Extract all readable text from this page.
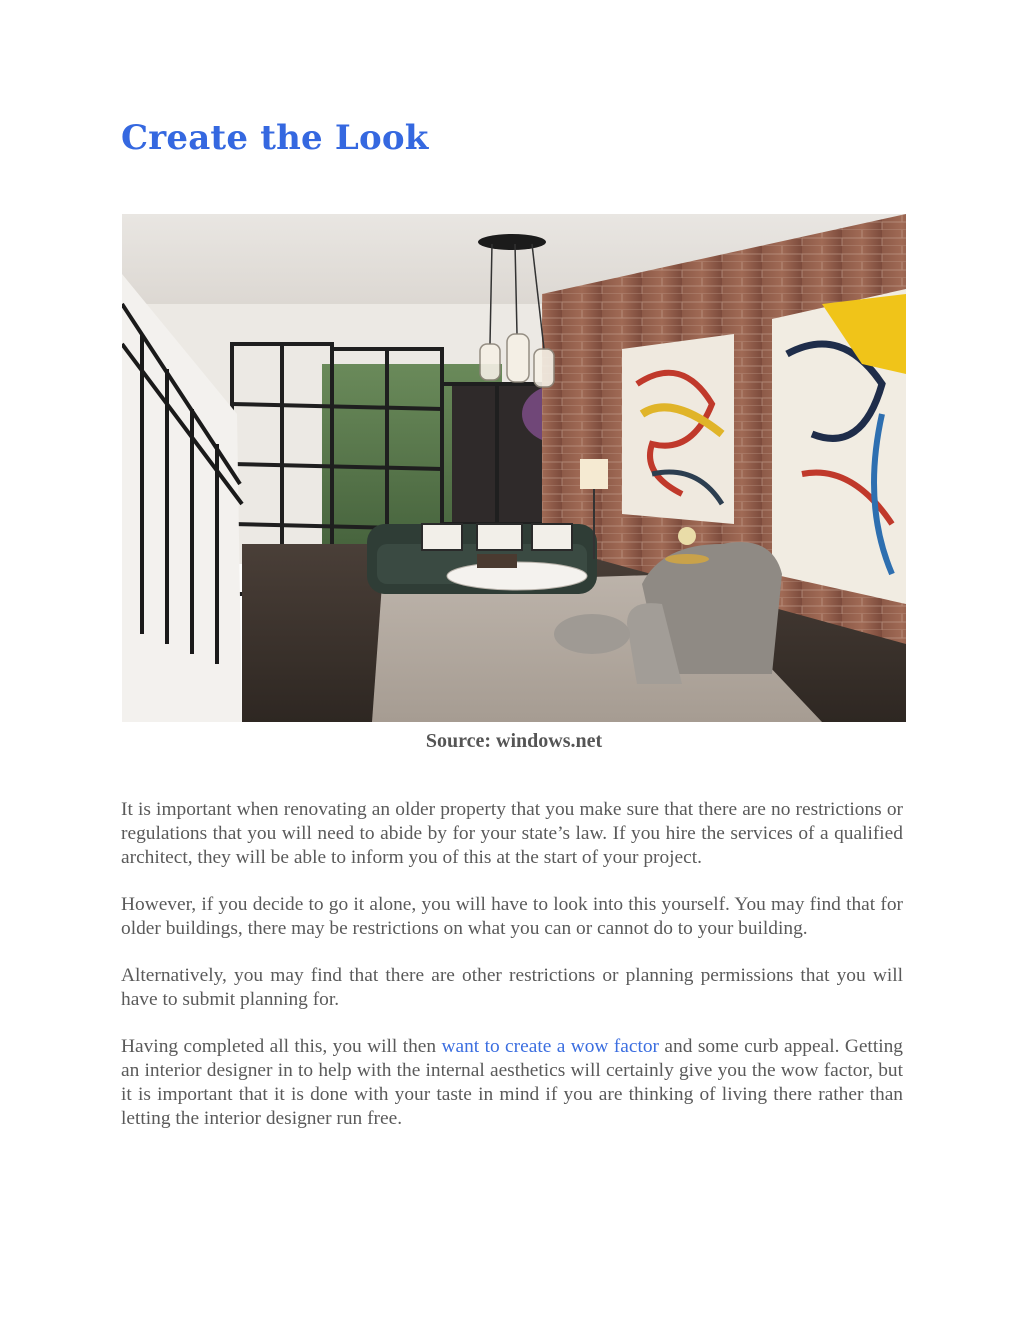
Create the Look
Source: windows.net

It is important when renovating an older property that you make sure that there are no restrictions or regulations that you will need to abide by for your state’s law. If you hire the services of a qualified architect, they will be able to inform you of this at the start of your project.

However, if you decide to go it alone, you will have to look into this yourself. You may find that for older buildings, there may be restrictions on what you can or cannot do to your building.

Alternatively, you may find that there are other restrictions or planning permissions that you will have to submit planning for.

Having completed all this, you will then want to create a wow factor and some curb appeal. Getting an interior designer in to help with the internal aesthetics will certainly give you the wow factor, but it is important that it is done with your taste in mind if you are thinking of living there rather than letting the interior designer run free.
